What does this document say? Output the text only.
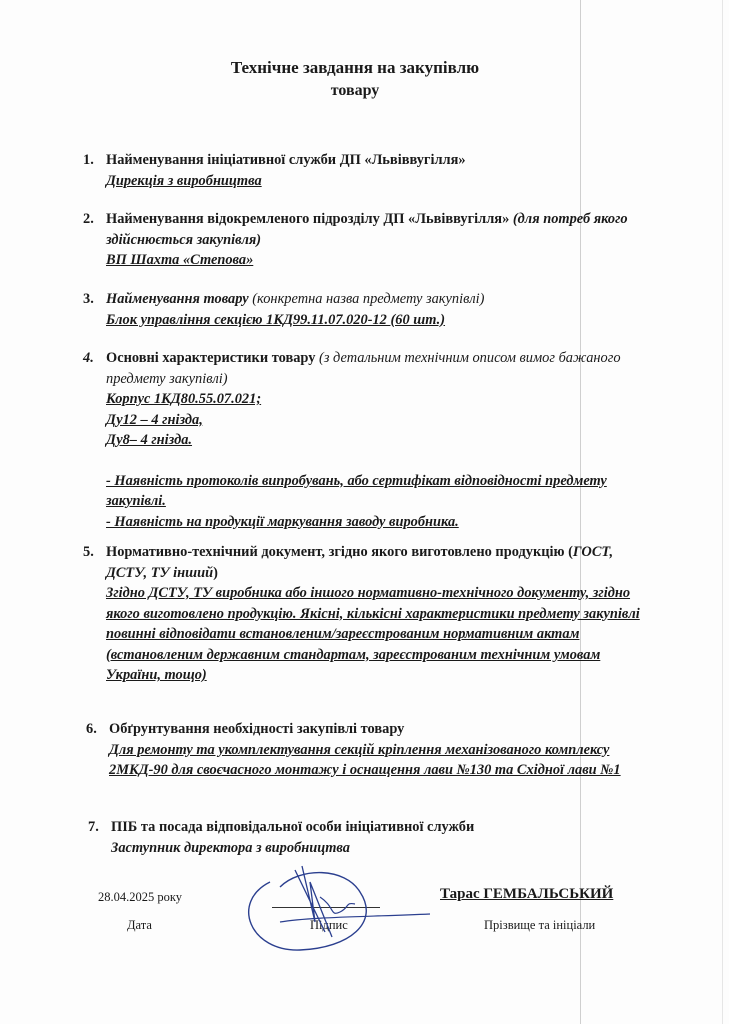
Технічне завдання на закупівлю
товару
1. Найменування ініціативної служби ДП «Львіввугілля»
Дирекція з виробництва
2. Найменування відокремленого підрозділу ДП «Львіввугілля» (для потреб якого здійснюється закупівля)
ВП Шахта «Степова»
3. Найменування товару (конкретна назва предмету закупівлі)
Блок управління секцією 1КД99.11.07.020-12 (60 шт.)
4. Основні характеристики товару (з детальним технічним описом вимог бажаного предмету закупівлі)
Корпус 1КД80.55.07.021;
Ду12 – 4 гнізда,
Ду8– 4 гнізда.
- Наявність протоколів випробувань, або сертифікат відповідності предмету закупівлі.
- Наявність на продукції маркування заводу виробника.
5. Нормативно-технічний документ, згідно якого виготовлено продукцію (ГОСТ, ДСТУ, ТУ інший)
Згідно ДСТУ, ТУ виробника або іншого нормативно-технічного документу, згідно якого виготовлено продукцію. Якісні, кількісні характеристики предмету закупівлі повинні відповідати встановленим/зареєстрованим нормативним актам (встановленим державним стандартам, зареєстрованим технічним умовам України, тощо)
6. Обґрунтування необхідності закупівлі товару
Для ремонту та укомплектування секцій кріплення механізованого комплексу 2МКД-90 для своєчасного монтажу і оснащення лави №130 та Східної лави №1
7. ПІБ та посада відповідальної особи ініціативної служби
Заступник директора з виробництва
28.04.2025 року
Дата	Підпис
Тарас ГЕМБАЛЬСЬКИЙ
Прізвище та ініціали
